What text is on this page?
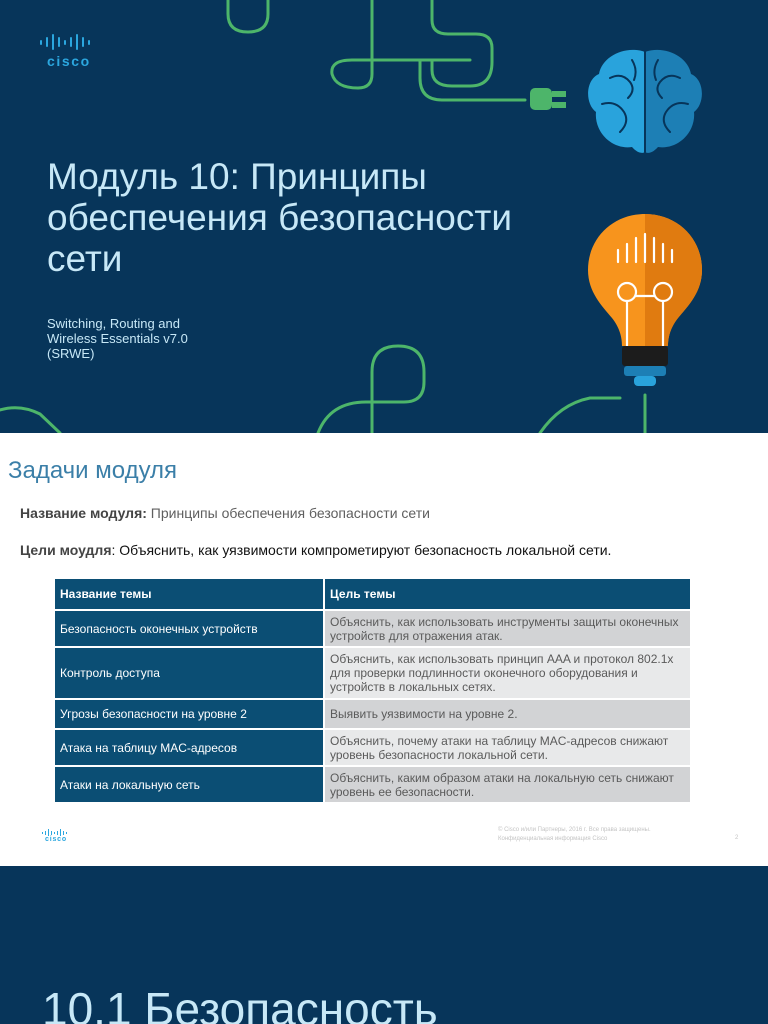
cisco
Модуль 10: Принципы обеспечения безопасности сети
Switching, Routing and Wireless Essentials v7.0 (SRWE)
Задачи модуля
Название модуля: Принципы обеспечения безопасности сети
Цели моудля: Объяснить, как уязвимости компрометируют безопасность локальной сети.
Название темы	Цель темы
Безопасность оконечных устройств	Объяснить, как использовать инструменты защиты оконечных устройств для отражения атак.
Контроль доступа	Объяснить, как использовать принцип AAA и протокол 802.1x для проверки подлинности оконечного оборудования и устройств в локальных сетях.
Угрозы безопасности на уровне 2	Выявить уязвимости на уровне 2.
Атака на таблицу MAC-адресов	Объяснить, почему атаки на таблицу MAC-адресов снижают уровень безопасности локальной сети.
Атаки на локальную сеть	Объяснить, каким образом атаки на локальную сеть снижают уровень ее безопасности.
cisco
© Cisco и/или Партнеры, 2016 г. Все права защищены.
Конфиденциальная информация Cisco	2
10.1 Безопасность
